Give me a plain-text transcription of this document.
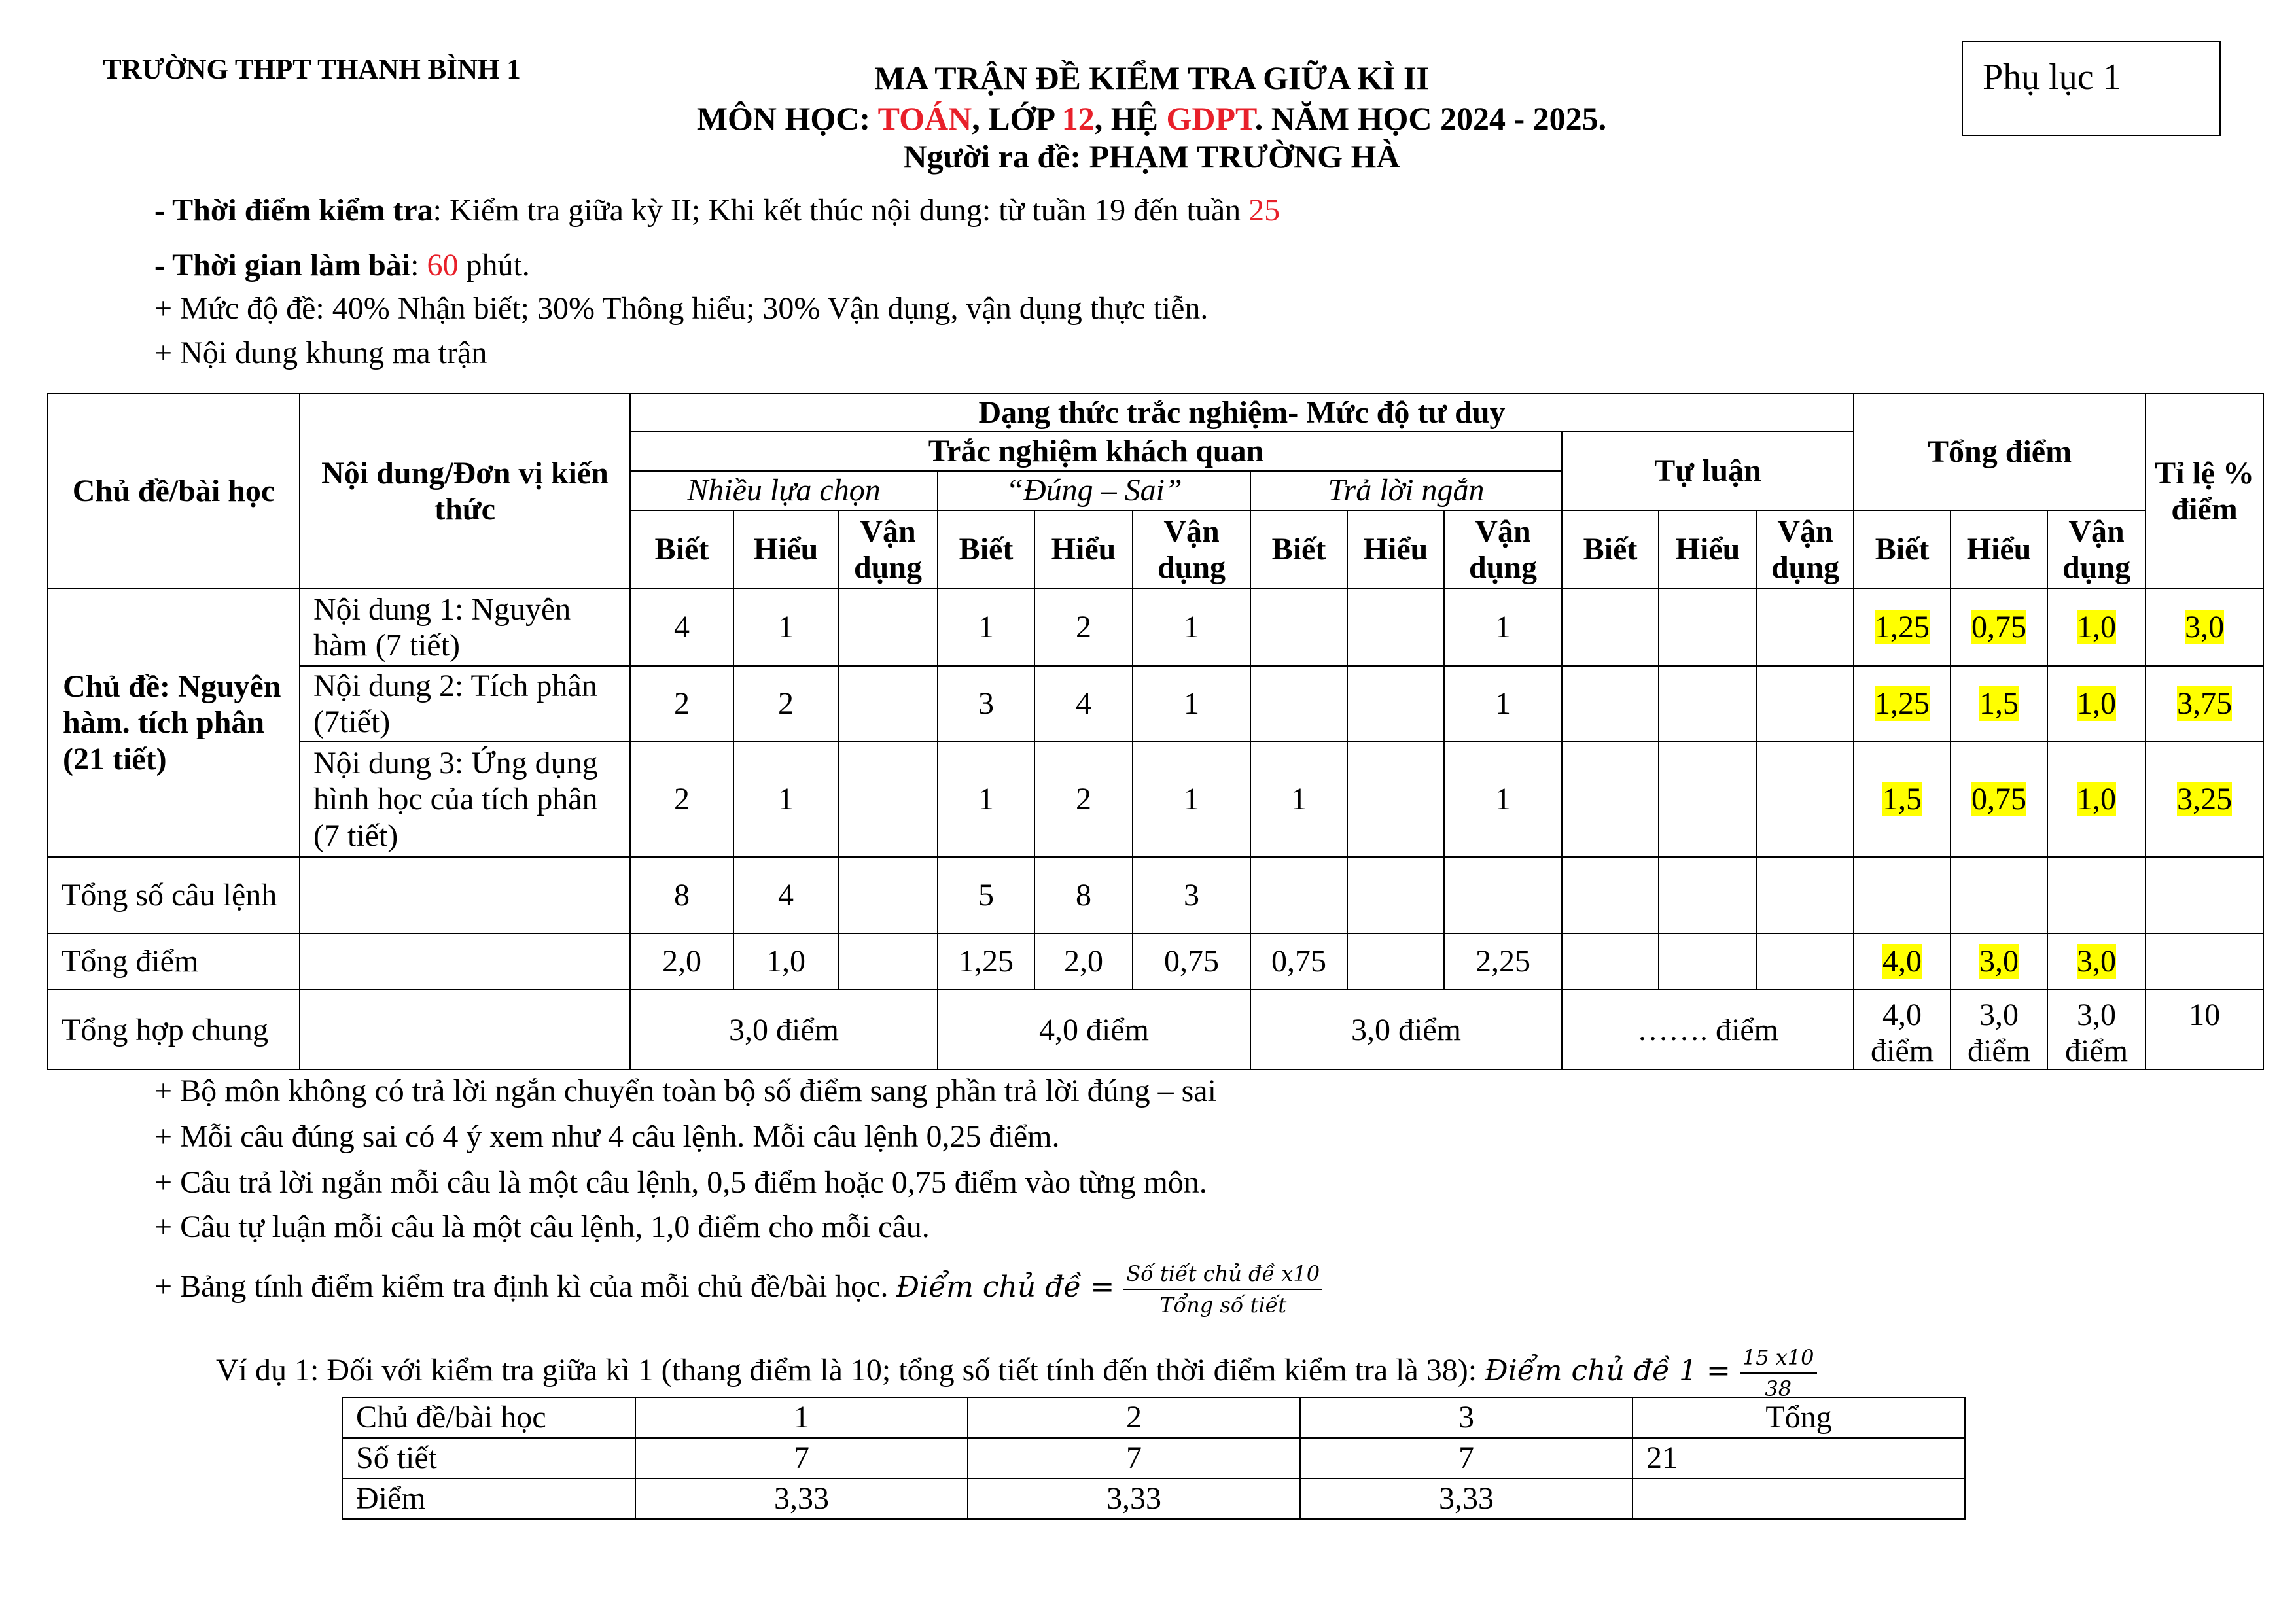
TRƯỜNG THPT THANH BÌNH 1	Phụ lục 1
MA TRẬN ĐỀ KIỂM TRA GIỮA KÌ II
MÔN HỌC: TOÁN, LỚP 12, HỆ GDPT. NĂM HỌC 2024 - 2025.
Người ra đề: PHẠM TRƯỜNG HÀ
- Thời điểm kiểm tra: Kiểm tra giữa kỳ II; Khi kết thúc nội dung: từ tuần 19 đến tuần 25
- Thời gian làm bài: 60 phút.
+ Mức độ đề: 40% Nhận biết; 30% Thông hiểu; 30% Vận dụng, vận dụng thực tiễn.
+ Nội dung khung ma trận
Chủ đề/bài học	Nội dung/Đơn vị kiến thức	Dạng thức trắc nghiệm- Mức độ tư duy												Tổng điểm			Tỉ lệ % điểm
		Trắc nghiệm khách quan									Tự luận						
		Nhiều lựa chọn			“Đúng – Sai”			Trả lời ngắn									
		Biết	Hiểu	Vận dụng	Biết	Hiểu	Vận dụng	Biết	Hiểu	Vận dụng	Biết	Hiểu	Vận dụng	Biết	Hiểu	Vận dụng	
Chủ đề: Nguyên hàm. tích phân (21 tiết)	Nội dung 1: Nguyên hàm (7 tiết)	4	1		1	2	1			1				1,25	0,75	1,0	3,0
	Nội dung 2: Tích phân (7tiết)	2	2		3	4	1			1				1,25	1,5	1,0	3,75
	Nội dung 3: Ứng dụng hình học của tích phân (7 tiết)	2	1		1	2	1	1		1				1,5	0,75	1,0	3,25
Tổng số câu lệnh		8	4		5	8	3										
Tổng điểm		2,0	1,0		1,25	2,0	0,75	0,75		2,25				4,0	3,0	3,0	
Tổng hợp chung		3,0 điểm			4,0 điểm			3,0 điểm			……. điểm			4,0 điểm	3,0 điểm	3,0 điểm	10
+ Bộ môn không có trả lời ngắn chuyển toàn bộ số điểm sang phần trả lời đúng – sai
+ Mỗi câu đúng sai có 4 ý xem như 4 câu lệnh. Mỗi câu lệnh 0,25 điểm.
+ Câu trả lời ngắn mỗi câu là một câu lệnh, 0,5 điểm hoặc 0,75 điểm vào từng môn.
+ Câu tự luận mỗi câu là một câu lệnh, 1,0 điểm cho mỗi câu.
+ Bảng tính điểm kiểm tra định kì của mỗi chủ đề/bài học. Điểm chủ đề = $\frac{\text{Số tiết chủ đề x10}}{\text{Tổng số tiết}}$
Ví dụ 1: Đối với kiểm tra giữa kì 1 (thang điểm là 10; tổng số tiết tính đến thời điểm kiểm tra là 38): Điểm chủ đề $1 = \frac{15 x10}{38}$
Chủ đề/bài học	1	2	3	Tổng
Số tiết	7	7	7	21
Điểm	3,33	3,33	3,33	
